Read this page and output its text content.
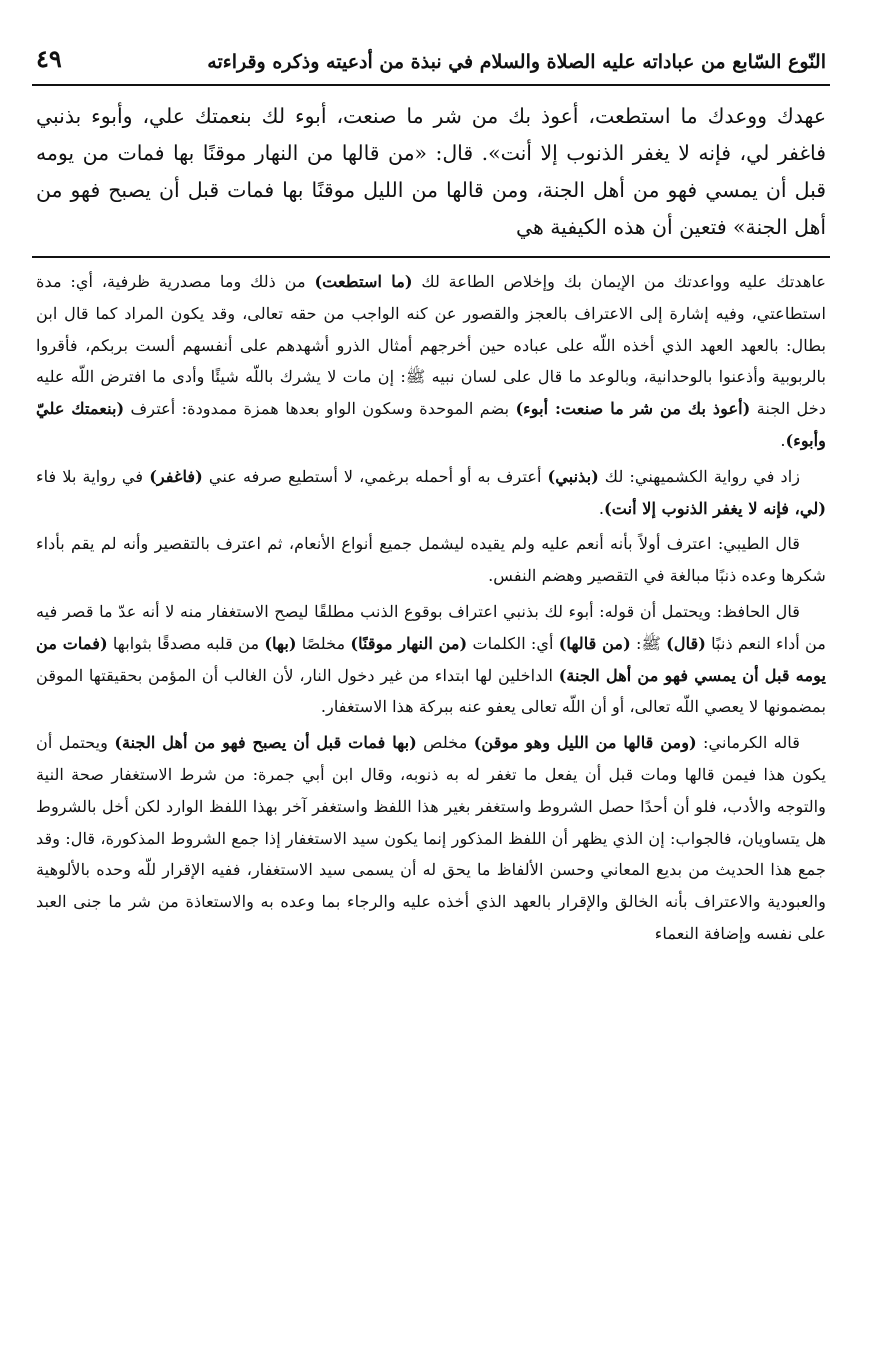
النّوع السّابع من عباداته عليه الصلاة والسلام في نبذة من أدعيته وذكره وقراءته
٤٩
عهدك ووعدك ما استطعت، أعوذ بك من شر ما صنعت، أبوء لك بنعمتك علي، وأبوء بذنبي فاغفر لي، فإنه لا يغفر الذنوب إلا أنت». قال: «من قالها من النهار موقنًا بها فمات من يومه قبل أن يمسي فهو من أهل الجنة، ومن قالها من الليل موقنًا بها فمات قبل أن يصبح فهو من أهل الجنة» فتعين أن هذه الكيفية هي

عاهدتك عليه وواعدتك من الإيمان بك وإخلاص الطاعة لك (ما استطعت) من ذلك وما مصدرية ظرفية، أي: مدة استطاعتي، وفيه إشارة إلى الاعتراف بالعجز والقصور عن كنه الواجب من حقه تعالى، وقد يكون المراد كما قال ابن بطال: بالعهد العهد الذي أخذه اللّه على عباده حين أخرجهم أمثال الذرو أشهدهم على أنفسهم ألست بربكم، فأقروا بالربوبية وأذعنوا بالوحدانية، وبالوعد ما قال على لسان نبيه ﷺ: إن مات لا يشرك باللّه شيئًا وأدى ما افترض اللّه عليه دخل الجنة (أعوذ بك من شر ما صنعت: أبوء) بضم الموحدة وسكون الواو بعدها همزة ممدودة: أعترف (بنعمتك عليّ وأبوء).

زاد في رواية الكشميهني: لك (بذنبي) أعترف به أو أحمله برغمي، لا أستطيع صرفه عني (فاغفر) في رواية بلا فاء (لي، فإنه لا يغفر الذنوب إلا أنت).

قال الطيبي: اعترف أولاً بأنه أنعم عليه ولم يقيده ليشمل جميع أنواع الأنعام، ثم اعترف بالتقصير وأنه لم يقم بأداء شكرها وعده ذنبًا مبالغة في التقصير وهضم النفس.

قال الحافظ: ويحتمل أن قوله: أبوء لك بذنبي اعتراف بوقوع الذنب مطلقًا ليصح الاستغفار منه لا أنه عدّ ما قصر فيه من أداء النعم ذنبًا (قال) ﷺ: (من قالها) أي: الكلمات (من النهار موقنًا) مخلصًا (بها) من قلبه مصدقًا بثوابها (فمات من يومه قبل أن يمسي فهو من أهل الجنة) الداخلين لها ابتداء من غير دخول النار، لأن الغالب أن المؤمن بحقيقتها الموقن بمضمونها لا يعصي اللّه تعالى، أو أن اللّه تعالى يعفو عنه ببركة هذا الاستغفار.

قاله الكرماني: (ومن قالها من الليل وهو موقن) مخلص (بها فمات قبل أن يصبح فهو من أهل الجنة) ويحتمل أن يكون هذا فيمن قالها ومات قبل أن يفعل ما تغفر له به ذنوبه، وقال ابن أبي جمرة: من شرط الاستغفار صحة النية والتوجه والأدب، فلو أن أحدًا حصل الشروط واستغفر بغير هذا اللفظ واستغفر آخر بهذا اللفظ الوارد لكن أخل بالشروط هل يتساويان، فالجواب: إن الذي يظهر أن اللفظ المذكور إنما يكون سيد الاستغفار إذا جمع الشروط المذكورة، قال: وقد جمع هذا الحديث من بديع المعاني وحسن الألفاظ ما يحق له أن يسمى سيد الاستغفار، ففيه الإقرار للّه وحده بالألوهية والعبودية والاعتراف بأنه الخالق والإقرار بالعهد الذي أخذه عليه والرجاء بما وعده به والاستعاذة من شر ما جنى العبد على نفسه وإضافة النعماء
